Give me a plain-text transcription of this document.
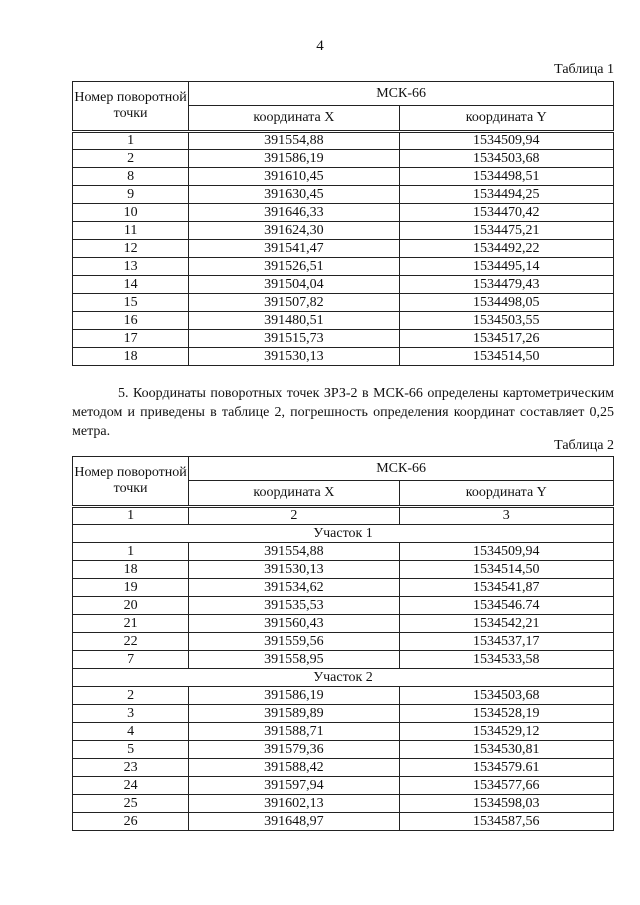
4
Таблица 1
Номер поворотной точки	МСК-66	
	координата X	координата Y
1	391554,88	1534509,94
2	391586,19	1534503,68
8	391610,45	1534498,51
9	391630,45	1534494,25
10	391646,33	1534470,42
11	391624,30	1534475,21
12	391541,47	1534492,22
13	391526,51	1534495,14
14	391504,04	1534479,43
15	391507,82	1534498,05
16	391480,51	1534503,55
17	391515,73	1534517,26
18	391530,13	1534514,50
5. Координаты поворотных точек ЗРЗ-2 в МСК-66 определены картометрическим методом и приведены в таблице 2, погрешность определения координат составляет 0,25 метра.
Таблица 2
Номер поворотной точки	МСК-66	
	координата X	координата Y
1	2	3
Участок 1		
1	391554,88	1534509,94
18	391530,13	1534514,50
19	391534,62	1534541,87
20	391535,53	1534546.74
21	391560,43	1534542,21
22	391559,56	1534537,17
7	391558,95	1534533,58
Участок 2		
2	391586,19	1534503,68
3	391589,89	1534528,19
4	391588,71	1534529,12
5	391579,36	1534530,81
23	391588,42	1534579.61
24	391597,94	1534577,66
25	391602,13	1534598,03
26	391648,97	1534587,56
